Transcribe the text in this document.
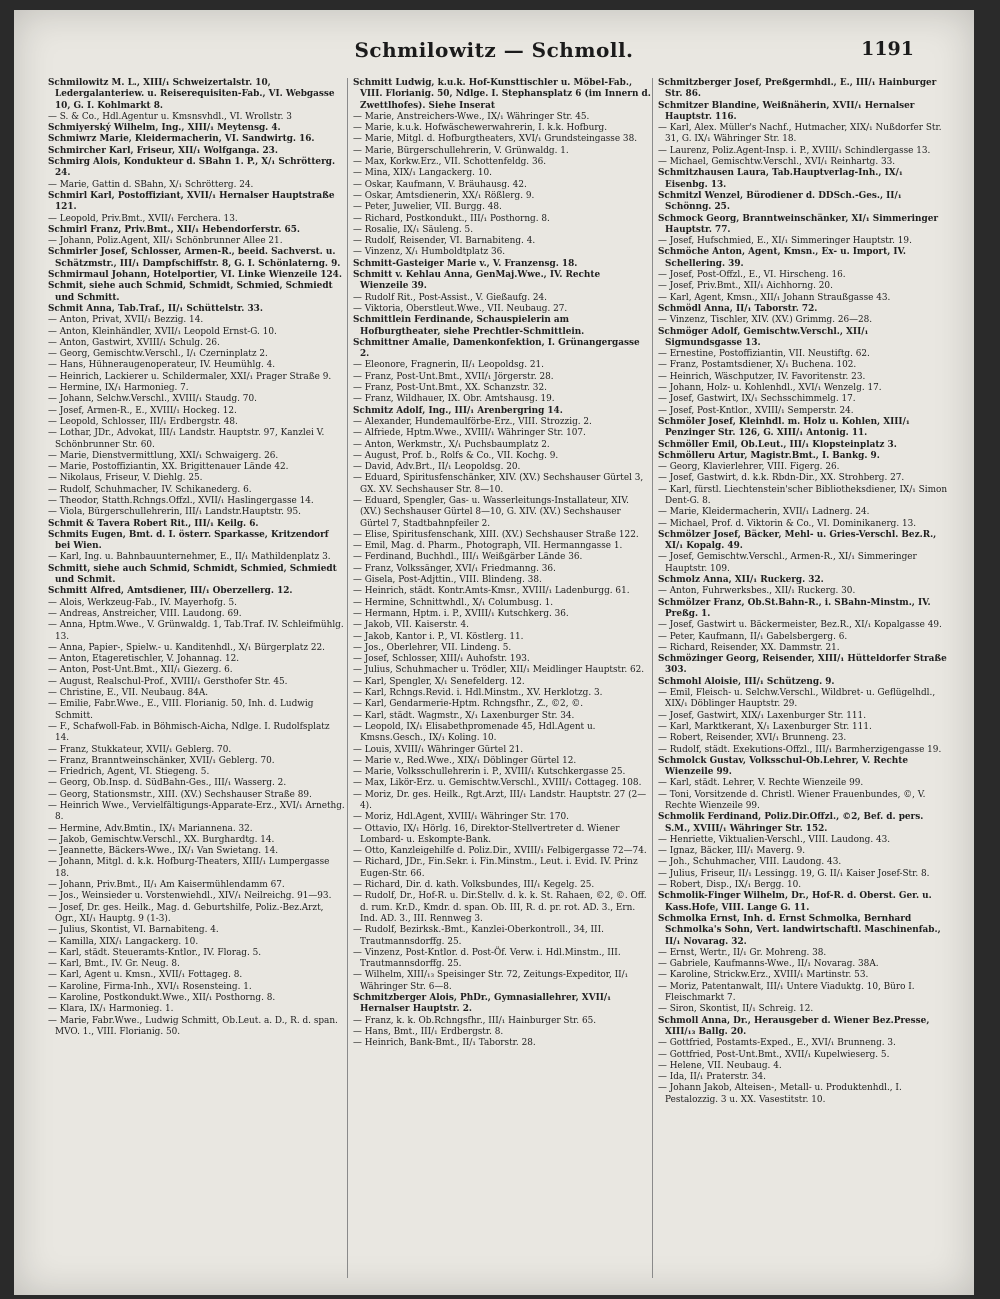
Schmilowitz — Schmoll.	1191

Schmilowitz M. L., XIII/₁ Schweizertalstr. 10, Ledergalanteriew. u. Reiserequisiten-Fab., VI. Webgasse 10, G. I. Kohlmarkt 8.

— S. & Co., Hdl.Agentur u. Kmsnsvhdl., VI. Wrollstr. 3

Schmiyerský Wilhelm, Ing., XIII/₁ Meytensg. 4.

Schmiwrz Marie, Kleidermacherin, VI. Sandwirtg. 16.

Schmircher Karl, Friseur, XII/₁ Wolfganga. 23.

Schmirg Alois, Kondukteur d. SBahn 1. P., X/₁ Schrötterg. 24.

— Marie, Gattin d. SBahn, X/₁ Schrötterg. 24.

Schmirl Karl, Postoffiziant, XVII/₁ Hernalser Hauptstraße 121.

— Leopold, Priv.Bmt., XVII/₁ Ferchera. 13.

Schmirl Franz, Priv.Bmt., XII/₁ Hebendorferstr. 65.

— Johann, Poliz.Agent, XII/₁ Schönbrunner Allee 21.

Schmirler Josef, Schlosser, Armen-R., beeid. Sachverst. u. Schätzmstr., III/₁ Dampfschiffstr. 8, G. I. Schönlaterng. 9.

Schmirmaul Johann, Hotelportier, VI. Linke Wienzeile 124.

Schmit, siehe auch Schmid, Schmidt, Schmied, Schmiedt und Schmitt.

Schmit Anna, Tab.Traf., II/₁ Schüttelstr. 33.

— Anton, Privat, XVII/₁ Bezzig. 14.

— Anton, Kleinhändler, XVII/₁ Leopold Ernst-G. 10.

— Anton, Gastwirt, XVIII/₁ Schulg. 26.

— Georg, Gemischtw.Verschl., I/₁ Czerninplatz 2.

— Hans, Hühneraugenoperateur, IV. Heumühlg. 4.

— Heinrich, Lackierer u. Schildermaler, XXI/₁ Prager Straße 9.

— Hermine, IX/₁ Harmonieg. 7.

— Johann, Selchw.Verschl., XVIII/₁ Staudg. 70.

— Josef, Armen-R., E., XVIII/₁ Hockeg. 12.

— Leopold, Schlosser, III/₁ Erdbergstr. 48.

— Lothar, JDr., Advokat, III/₁ Landstr. Hauptstr. 97, Kanzlei V. Schönbrunner Str. 60.

— Marie, Dienstvermittlung, XXI/₁ Schwaigerg. 26.

— Marie, Postoffiziantin, XX. Brigittenauer Lände 42.

— Nikolaus, Friseur, V. Diehlg. 25.

— Rudolf, Schuhmacher, IV. Schikanederg. 6.

— Theodor, Statth.Rchngs.Offzl., XVII/₁ Haslingergasse 14.

— Viola, Bürgerschullehrerin, III/₁ Landstr.Hauptstr. 95.

Schmit & Tavera Robert Rit., III/₁ Keilg. 6.

Schmits Eugen, Bmt. d. I. österr. Sparkasse, Kritzendorf bei Wien.

— Karl, Ing. u. Bahnbauunternehmer, E., II/₁ Mathildenplatz 3.

Schmitt, siehe auch Schmid, Schmidt, Schmied, Schmiedt und Schmit.

Schmitt Alfred, Amtsdiener, III/₁ Oberzellerg. 12.

— Alois, Werkzeug-Fab., IV. Mayerhofg. 5.

— Andreas, Anstreicher, VIII. Laudong. 69.

— Anna, Hptm.Wwe., V. Grünwaldg. 1, Tab.Traf. IV. Schleifmühlg. 13.

— Anna, Papier-, Spielw.- u. Kanditenhdl., X/₁ Bürgerplatz 22.

— Anton, Etageretischler, V. Johannag. 12.

— Anton, Post-Unt.Bmt., XII/₁ Giezerg. 6.

— August, Realschul-Prof., XVIII/₁ Gersthofer Str. 45.

— Christine, E., VII. Neubaug. 84A.

— Emilie, Fabr.Wwe., E., VIII. Florianig. 50, Inh. d. Ludwig Schmitt.

— F., Schafwoll-Fab. in Böhmisch-Aicha, Ndlge. I. Rudolfsplatz 14.

— Franz, Stukkateur, XVII/₁ Geblerg. 70.

— Franz, Branntweinschänker, XVII/₁ Geblerg. 70.

— Friedrich, Agent, VI. Stiegeng. 5.

— Georg, Ob.Insp. d. SüdBahn-Ges., III/₁ Wasserg. 2.

— Georg, Stationsmstr., XIII. (XV.) Sechshauser Straße 89.

— Heinrich Wwe., Vervielfältigungs-Apparate-Erz., XVI/₁ Arnethg. 8.

— Hermine, Adv.Bmtin., IX/₁ Mariannena. 32.

— Jakob, Gemischtw.Verschl., XX. Burghardtg. 14.

— Jeannette, Bäckers-Wwe., IX/₁ Van Swietang. 14.

— Johann, Mitgl. d. k.k. Hofburg-Theaters, XIII/₁ Lumpergasse 18.

— Johann, Priv.Bmt., II/₁ Am Kaisermühlendamm 67.

— Jos., Weinsieder u. Vorstenwiehdl., XIV/₁ Neilreichg. 91—93.

— Josef, Dr. ges. Heilk., Mag. d. Geburtshilfe, Poliz.-Bez.Arzt, Ogr., XI/₁ Hauptg. 9 (1-3).

— Julius, Skontist, VI. Barnabiteng. 4.

— Kamilla, XIX/₁ Langackerg. 10.

— Karl, städt. Steueramts-Kntlor., IV. Florag. 5.

— Karl, Bmt., IV. Gr. Neug. 8.

— Karl, Agent u. Kmsn., XVII/₁ Fottageg. 8.

— Karoline, Firma-Inh., XVI/₁ Rosensteing. 1.

— Karoline, Postkondukt.Wwe., XII/₁ Posthorng. 8.

— Klara, IX/₁ Harmonieg. 1.

— Marie, Fabr.Wwe., Ludwig Schmitt, Ob.Leut. a. D., R. d. span. MVO. 1., VIII. Florianig. 50.

Schmitt Ludwig, k.u.k. Hof-Kunsttischler u. Möbel-Fab., VIII. Florianig. 50, Ndlge. I. Stephansplatz 6 (im Innern d. Zwettlhofes). Siehe Inserat

— Marie, Anstreichers-Wwe., IX/₁ Währinger Str. 45.

— Marie, k.u.k. Hofwäschewerwahrerin, I. k.k. Hofburg.

— Marie, Mitgl. d. Hofburgtheaters, XVI/₁ Grundsteingasse 38.

— Marie, Bürgerschullehrerin, V. Grünwaldg. 1.

— Max, Korkw.Erz., VII. Schottenfeldg. 36.

— Mina, XIX/₁ Langackerg. 10.

— Oskar, Kaufmann, V. Bräuhausg. 42.

— Oskar, Amtsdienerin, XX/₁ Rößlerg. 9.

— Peter, Juwelier, VII. Burgg. 48.

— Richard, Postkondukt., III/₁ Posthorng. 8.

— Rosalie, IX/₁ Säuleng. 5.

— Rudolf, Reisender, VI. Barnabiteng. 4.

— Vinzenz, X/₁ Humboldtplatz 36.

Schmitt-Gasteiger Marie v., V. Franzensg. 18.

Schmitt v. Kehlau Anna, GenMaj.Wwe., IV. Rechte Wienzeile 39.

— Rudolf Rit., Post-Assist., V. Gießaufg. 24.

— Viktoria, Oberstleut.Wwe., VII. Neubaug. 27.

Schmittlein Ferdinande, Schauspielerin am Hofburgtheater, siehe Prechtler-Schmittlein.

Schmittner Amalie, Damenkonfektion, I. Grünangergasse 2.

— Eleonore, Fragnerin, II/₁ Leopoldsg. 21.

— Franz, Post-Unt.Bmt., XVII/₁ Jörgerstr. 28.

— Franz, Post-Unt.Bmt., XX. Schanzstr. 32.

— Franz, Wildhauer, IX. Obr. Amtshausg. 19.

Schmitz Adolf, Ing., III/₁ Arenbergring 14.

— Alexander, Hundemaulförbe-Erz., VIII. Strozzig. 2.

— Alfriede, Hptm.Wwe., XVIII/₁ Währinger Str. 107.

— Anton, Werkmstr., X/₁ Puchsbaumplatz 2.

— August, Prof. b., Rolfs & Co., VII. Kochg. 9.

— David, Adv.Brt., II/₁ Leopoldsg. 20.

— Eduard, Spiritusfenschänker, XIV. (XV.) Sechshauser Gürtel 3, GX. XV. Sechshauser Str. 8—10.

— Eduard, Spengler, Gas- u. Wasserleitungs-Installateur, XIV. (XV.) Sechshauser Gürtel 8—10, G. XIV. (XV.) Sechshauser Gürtel 7, Stadtbahnpfeiler 2.

— Elise, Spiritusfenschank, XIII. (XV.) Sechshauser Straße 122.

— Emil, Mag. d. Pharm., Photograph, VII. Hermanngasse 1.

— Ferdinand, Buchhdl., III/₁ Weißgärber Lände 36.

— Franz, Volkssänger, XVI/₁ Friedmanng. 36.

— Gisela, Post-Adjttin., VIII. Blindeng. 38.

— Heinrich, städt. Kontr.Amts-Kmsr., XVIII/₁ Ladenburgg. 61.

— Hermine, Schnittwhdl., X/₁ Columbusg. 1.

— Hermann, Hptm. i. P., XVIII/₁ Kutschkerg. 36.

— Jakob, VII. Kaiserstr. 4.

— Jakob, Kantor i. P., VI. Köstlerg. 11.

— Jos., Oberlehrer, VII. Lindeng. 5.

— Josef, Schlosser, XIII/₁ Auhofstr. 193.

— Julius, Schuhmacher u. Trödler, XII/₁ Meidlinger Hauptstr. 62.

— Karl, Spengler, X/₁ Senefelderg. 12.

— Karl, Rchngs.Revid. i. Hdl.Minstm., XV. Herklotzg. 3.

— Karl, Gendarmerie-Hptm. Rchngsfhr., Z., ©2, ©.

— Karl, städt. Wagmstr., X/₁ Laxenburger Str. 34.

— Leopold, IX/₁ Elisabethpromenade 45, Hdl.Agent u. Kmsns.Gesch., IX/₁ Koling. 10.

— Louis, XVIII/₁ Währinger Gürtel 21.

— Marie v., Red.Wwe., XIX/₁ Döblinger Gürtel 12.

— Marie, Volksschullehrerin i. P., XVIII/₁ Kutschkergasse 25.

— Max, Likör-Erz. u. Gemischtw.Verschl., XVIII/₁ Cottageg. 108.

— Moriz, Dr. ges. Heilk., Rgt.Arzt, III/₁ Landstr. Hauptstr. 27 (2—4).

— Moriz, Hdl.Agent, XVIII/₁ Währinger Str. 170.

— Ottavio, IX/₁ Hörlg. 16, Direktor-Stellvertreter d. Wiener Lombard- u. Eskompte-Bank.

— Otto, Kanzleigehilfe d. Poliz.Dir., XVIII/₁ Felbigergasse 72—74.

— Richard, JDr., Fin.Sekr. i. Fin.Minstm., Leut. i. Evid. IV. Prinz Eugen-Str. 66.

— Richard, Dir. d. kath. Volksbundes, III/₁ Kegelg. 25.

— Rudolf, Dr., Hof-R. u. Dir.Stellv. d. k. k. St. Rahaen, ©2, ©. Off. d. rum. Kr.D., Kmdr. d. span. Ob. III, R. d. pr. rot. AD. 3., Ern. Ind. AD. 3., III. Rennweg 3.

— Rudolf, Bezirksk.-Bmt., Kanzlei-Oberkontroll., 34, III. Trautmannsdorffg. 25.

— Vinzenz, Post-Kntlor. d. Post-Öf. Verw. i. Hdl.Minstm., III. Trautmannsdorffg. 25.

— Wilhelm, XIII/₁₃ Speisinger Str. 72, Zeitungs-Expeditor, II/₁ Währinger Str. 6—8.

Schmitzberger Alois, PhDr., Gymnasiallehrer, XVII/₁ Hernalser Hauptstr. 2.

— Franz, k. k. Ob.Rchngsfhr., III/₁ Hainburger Str. 65.

— Hans, Bmt., III/₁ Erdbergstr. 8.

— Heinrich, Bank-Bmt., II/₁ Taborstr. 28.

Schmitzberger Josef, Preßgermhdl., E., III/₁ Hainburger Str. 86.

Schmitzer Blandine, Weißnäherin, XVII/₁ Hernalser Hauptstr. 116.

— Karl, Alex. Müller's Nachf., Hutmacher, XIX/₁ Nußdorfer Str. 31, G. IX/₁ Währinger Str. 18.

— Laurenz, Poliz.Agent-Insp. i. P., XVIII/₁ Schindlergasse 13.

— Michael, Gemischtw.Verschl., XVI/₁ Reinhartg. 33.

Schmitzhausen Laura, Tab.Hauptverlag-Inh., IX/₁ Eisenbg. 13.

Schmitzl Wenzel, Bürodiener d. DDSch.-Ges., II/₁ Schönng. 25.

Schmock Georg, Branntweinschänker, XI/₁ Simmeringer Hauptstr. 77.

— Josef, Hufschmied, E., XI/₁ Simmeringer Hauptstr. 19.

Schmöche Anton, Agent, Kmsn., Ex- u. Import, IV. Schellering. 39.

— Josef, Post-Offzl., E., VI. Hirscheng. 16.

— Josef, Priv.Bmt., XII/₁ Aichhorng. 20.

— Karl, Agent, Kmsn., XII/₁ Johann Straußgasse 43.

Schmödl Anna, II/₁ Taborstr. 72.

— Vinzenz, Tischler, XIV. (XV.) Grimmg. 26—28.

Schmöger Adolf, Gemischtw.Verschl., XII/₁ Sigmundsgasse 13.

— Ernestine, Postoffiziantin, VII. Neustiftg. 62.

— Franz, Postamtsdiener, X/₁ Buchena. 102.

— Heinrich, Wäschputzer, IV. Favoritenstr. 23.

— Johann, Holz- u. Kohlenhdl., XVI/₁ Wenzelg. 17.

— Josef, Gastwirt, IX/₁ Sechsschimmelg. 17.

— Josef, Post-Kntlor., XVIII/₁ Semperstr. 24.

Schmöler Josef, Kleinhdl. m. Holz u. Kohlen, XIII/₁ Penzinger Str. 126, G. XIII/₁ Antonig. 11.

Schmöller Emil, Ob.Leut., III/₁ Klopsteinplatz 3.

Schmölleru Artur, Magistr.Bmt., I. Bankg. 9.

— Georg, Klavierlehrer, VIII. Figerg. 26.

— Josef, Gastwirt, d. k.k. Rbdn-Dir., XX. Strohberg. 27.

— Karl, fürstl. Liechtenstein'scher Bibliotheksdiener, IX/₁ Simon Dent-G. 8.

— Marie, Kleidermacherin, XVII/₁ Ladnerg. 24.

— Michael, Prof. d. Viktorin & Co., VI. Dominikanerg. 13.

Schmölzer Josef, Bäcker, Mehl- u. Gries-Verschl. Bez.R., XI/₁ Kopalg. 49.

— Josef, Gemischtw.Verschl., Armen-R., XI/₁ Simmeringer Hauptstr. 109.

Schmolz Anna, XII/₁ Ruckerg. 32.

— Anton, Fuhrwerksbes., XII/₁ Ruckerg. 30.

Schmölzer Franz, Ob.St.Bahn-R., i. SBahn-Minstm., IV. Preßg. 1.

— Josef, Gastwirt u. Bäckermeister, Bez.R., XI/₁ Kopalgasse 49.

— Peter, Kaufmann, II/₁ Gabelsbergerg. 6.

— Richard, Reisender, XX. Dammstr. 21.

Schmözinger Georg, Reisender, XIII/₁ Hütteldorfer Straße 303.

Schmohl Aloisie, III/₁ Schützeng. 9.

— Emil, Fleisch- u. Selchw.Verschl., Wildbret- u. Geflügelhdl., XIX/₁ Döblinger Hauptstr. 29.

— Josef, Gastwirt, XIX/₁ Laxenburger Str. 111.

— Karl, Marktkerant, X/₁ Laxenburger Str. 111.

— Robert, Reisender, XVI/₁ Brunneng. 23.

— Rudolf, städt. Exekutions-Offzl., III/₁ Barmherzigengasse 19.

Schmolck Gustav, Volksschul-Ob.Lehrer, V. Rechte Wienzeile 99.

— Karl, städt. Lehrer, V. Rechte Wienzeile 99.

— Toni, Vorsitzende d. Christl. Wiener Frauenbundes, ©, V. Rechte Wienzeile 99.

Schmolik Ferdinand, Poliz.Dir.Offzl., ©2, Bef. d. pers. S.M., XVIII/₁ Währinger Str. 152.

— Henriette, Viktualien-Verschl., VIII. Laudong. 43.

— Ignaz, Bäcker, III/₁ Maverg. 9.

— Joh., Schuhmacher, VIII. Laudong. 43.

— Julius, Friseur, II/₁ Lessingg. 19, G. II/₁ Kaiser Josef-Str. 8.

— Robert, Disp., IX/₁ Bergg. 10.

Schmolik-Finger Wilhelm, Dr., Hof-R. d. Oberst. Ger. u. Kass.Hofe, VIII. Lange G. 11.

Schmolka Ernst, Inh. d. Ernst Schmolka, Bernhard Schmolka's Sohn, Vert. landwirtschaftl. Maschinenfab., II/₁ Novarag. 32.

— Ernst, Wertr., II/₁ Gr. Mohreng. 38.

— Gabriele, Kaufmanns-Wwe., II/₁ Novarag. 38A.

— Karoline, Strickw.Erz., XVIII/₁ Martinstr. 53.

— Moriz, Patentanwalt, III/₁ Untere Viaduktg. 10, Büro I. Fleischmarkt 7.

— Siron, Skontist, II/₁ Schreig. 12.

Schmoll Anna, Dr., Herausgeber d. Wiener Bez.Presse, XIII/₁₃ Ballg. 20.

— Gottfried, Postamts-Exped., E., XVI/₁ Brunneng. 3.

— Gottfried, Post-Unt.Bmt., XVII/₁ Kupelwieserg. 5.

— Helene, VII. Neubaug. 4.

— Ida, II/₁ Praterstr. 34.

— Johann Jakob, Alteisen-, Metall- u. Produktenhdl., I. Pestalozzig. 3 u. XX. Vasestitstr. 10.
